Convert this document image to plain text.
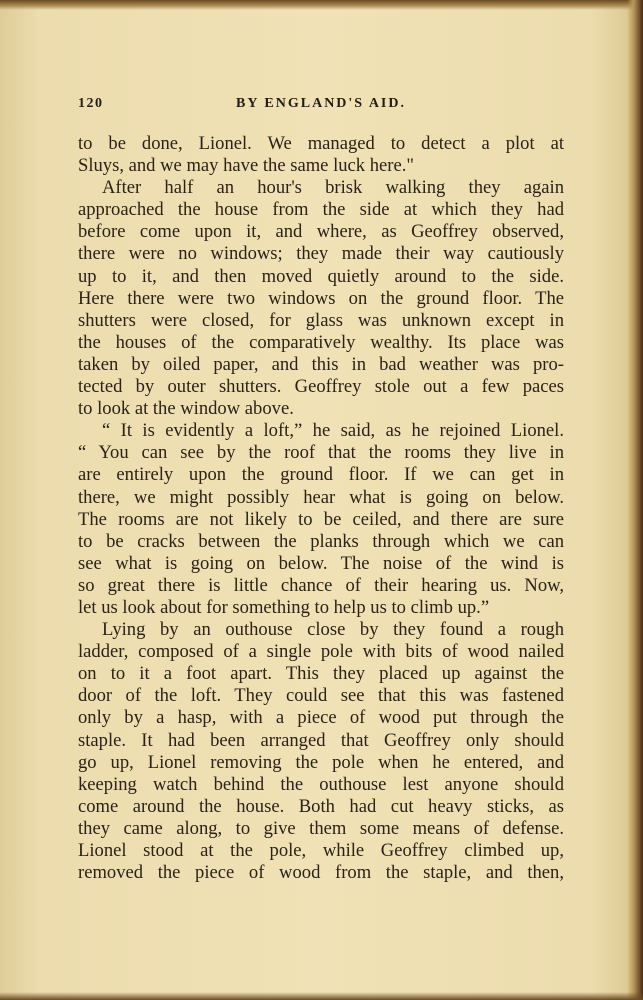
120	BY ENGLAND'S AID.
to be done, Lionel. We managed to detect a plot at
Sluys, and we may have the same luck here."
After half an hour's brisk walking they again
approached the house from the side at which they had
before come upon it, and where, as Geoffrey observed,
there were no windows; they made their way cautiously
up to it, and then moved quietly around to the side.
Here there were two windows on the ground floor. The
shutters were closed, for glass was unknown except in
the houses of the comparatively wealthy. Its place was
taken by oiled paper, and this in bad weather was pro-
tected by outer shutters. Geoffrey stole out a few paces
to look at the window above.
“ It is evidently a loft,” he said, as he rejoined Lionel.
“ You can see by the roof that the rooms they live in
are entirely upon the ground floor. If we can get in
there, we might possibly hear what is going on below.
The rooms are not likely to be ceiled, and there are sure
to be cracks between the planks through which we can
see what is going on below. The noise of the wind is
so great there is little chance of their hearing us. Now,
let us look about for something to help us to climb up.”
Lying by an outhouse close by they found a rough
ladder, composed of a single pole with bits of wood nailed
on to it a foot apart. This they placed up against the
door of the loft. They could see that this was fastened
only by a hasp, with a piece of wood put through the
staple. It had been arranged that Geoffrey only should
go up, Lionel removing the pole when he entered, and
keeping watch behind the outhouse lest anyone should
come around the house. Both had cut heavy sticks, as
they came along, to give them some means of defense.
Lionel stood at the pole, while Geoffrey climbed up,
removed the piece of wood from the staple, and then,
